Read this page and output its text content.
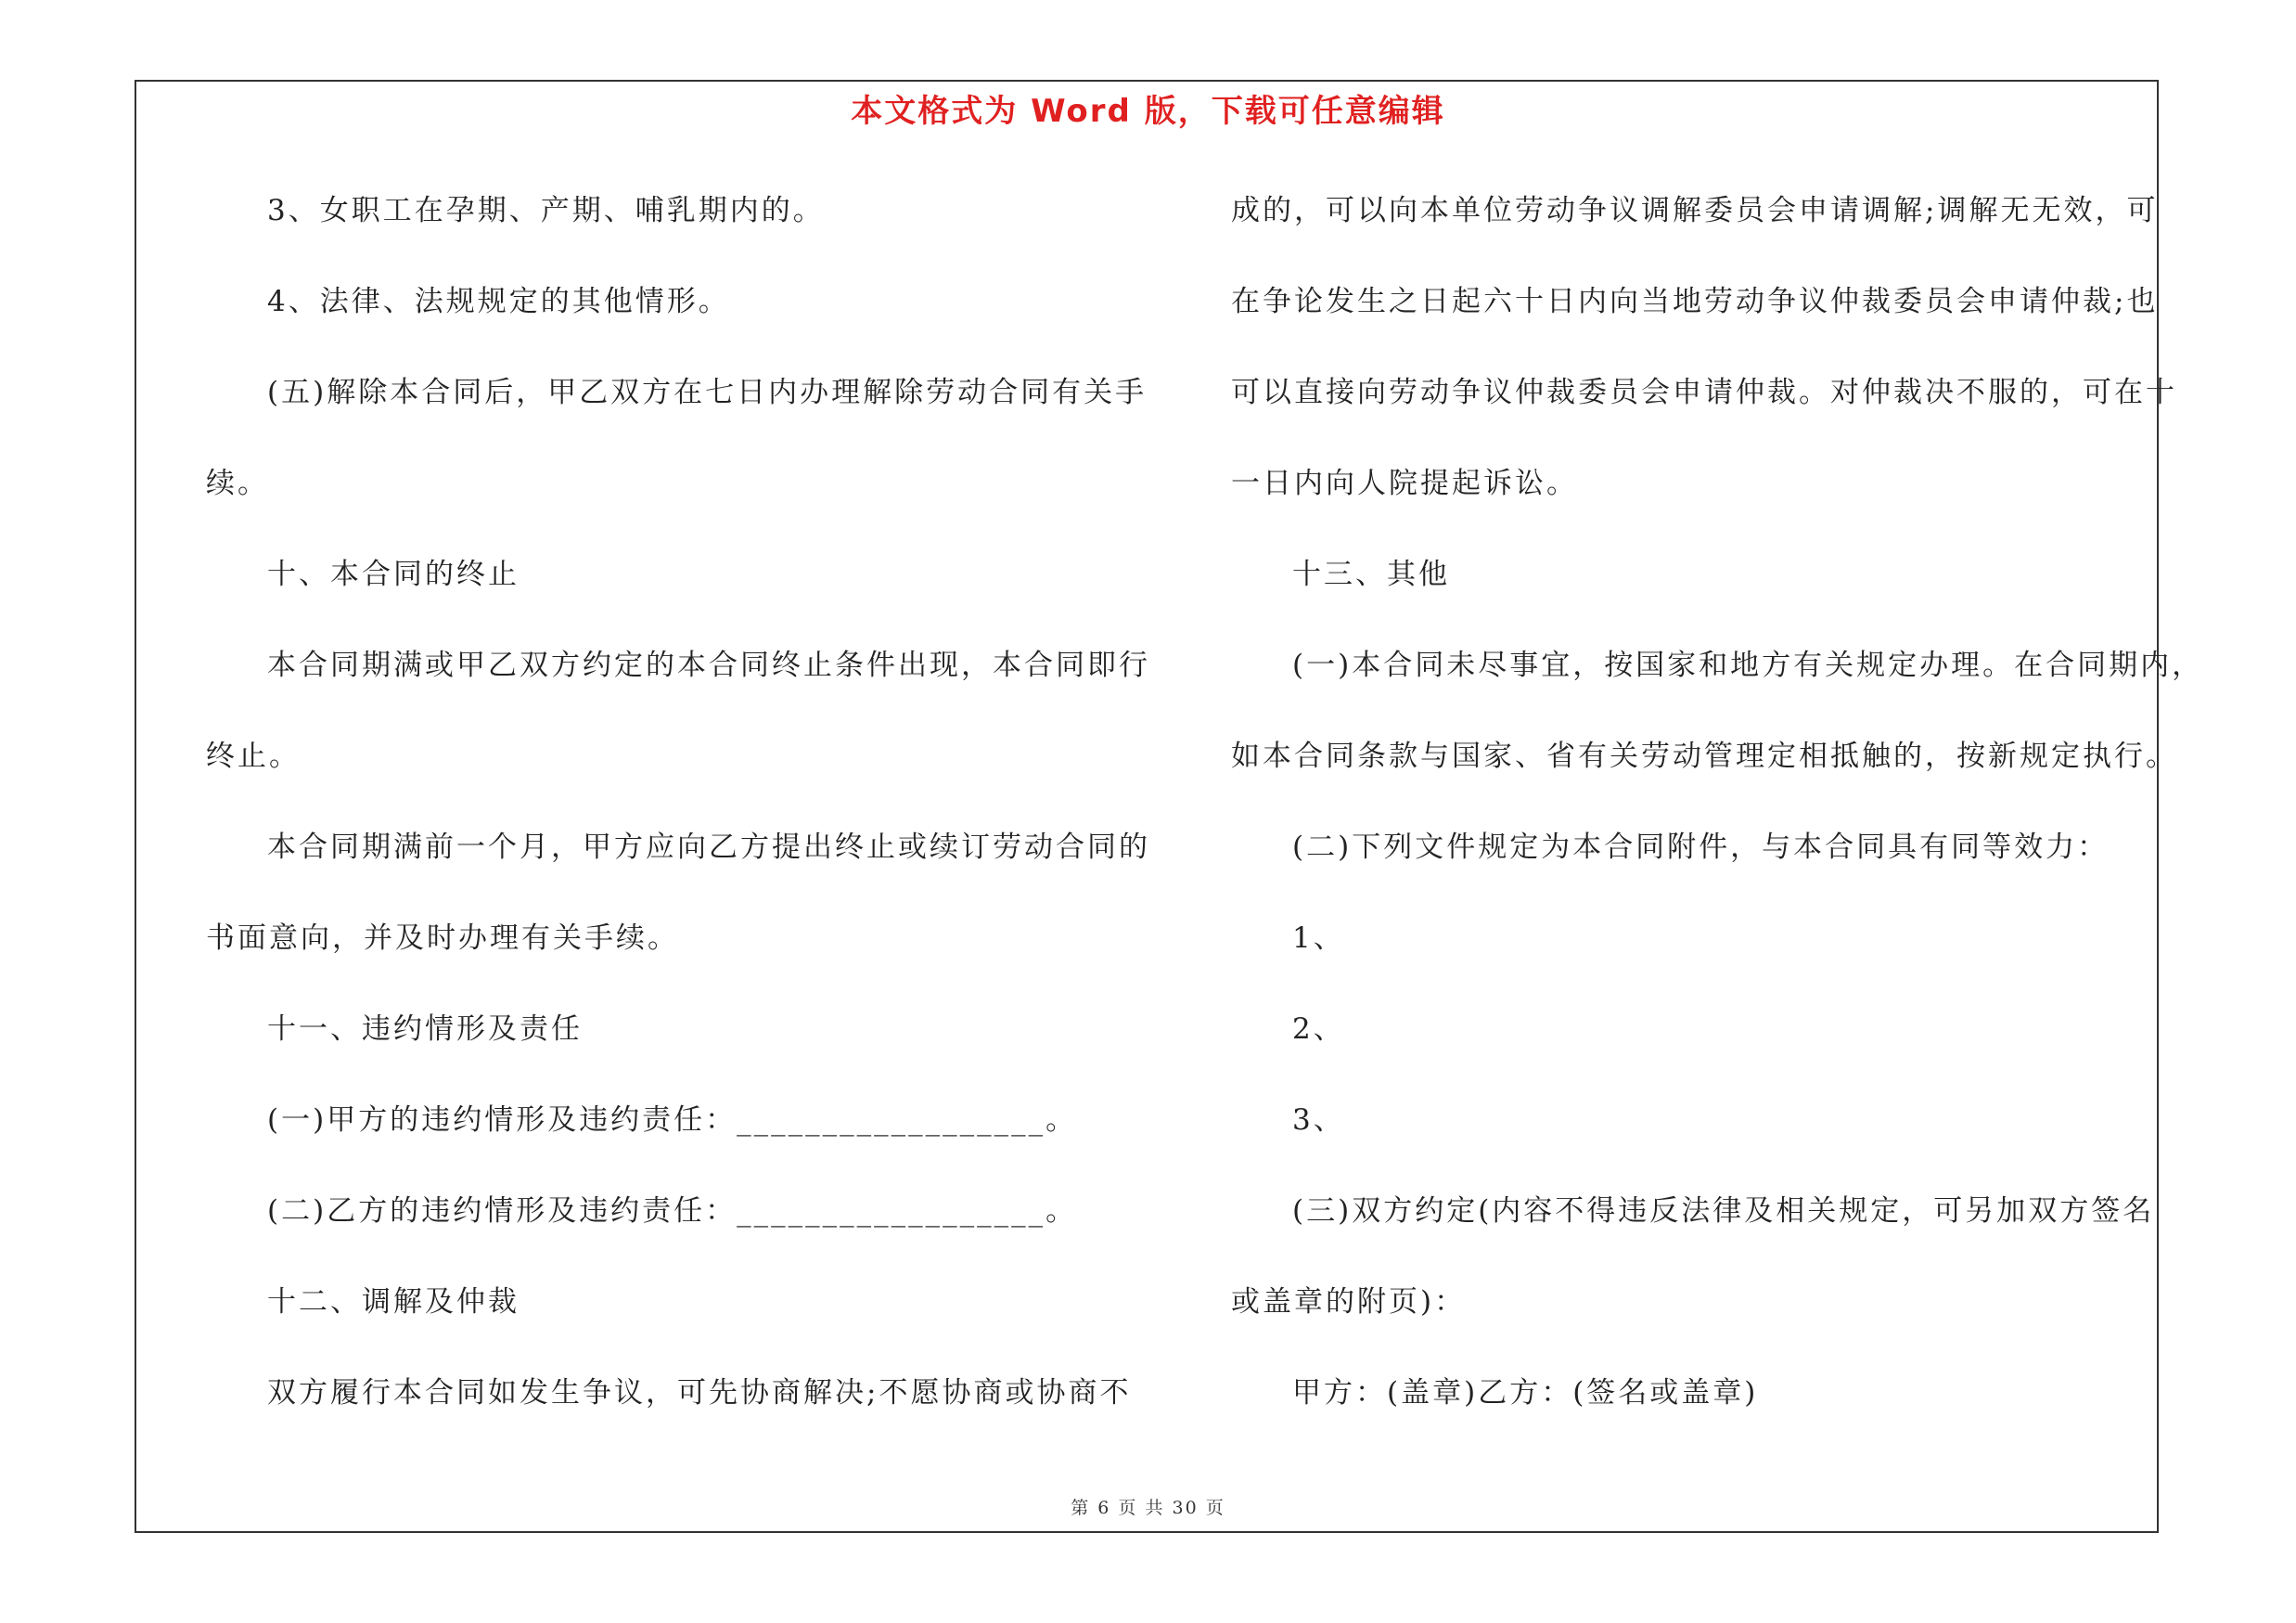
本文格式为 Word 版，下载可任意编辑
3、女职工在孕期、产期、哺乳期内的。
4、法律、法规规定的其他情形。
(五)解除本合同后，甲乙双方在七日内办理解除劳动合同有关手
续。
十、本合同的终止
本合同期满或甲乙双方约定的本合同终止条件出现，本合同即行
终止。
本合同期满前一个月，甲方应向乙方提出终止或续订劳动合同的
书面意向，并及时办理有关手续。
十一、违约情形及责任
(一)甲方的违约情形及违约责任：__________________。
(二)乙方的违约情形及违约责任：__________________。
十二、调解及仲裁
双方履行本合同如发生争议，可先协商解决;不愿协商或协商不
成的，可以向本单位劳动争议调解委员会申请调解;调解无无效，可
在争论发生之日起六十日内向当地劳动争议仲裁委员会申请仲裁;也
可以直接向劳动争议仲裁委员会申请仲裁。对仲裁决不服的，可在十
一日内向人院提起诉讼。
十三、其他
(一)本合同未尽事宜，按国家和地方有关规定办理。在合同期内，
如本合同条款与国家、省有关劳动管理定相抵触的，按新规定执行。
(二)下列文件规定为本合同附件，与本合同具有同等效力：
1、
2、
3、
(三)双方约定(内容不得违反法律及相关规定，可另加双方签名
或盖章的附页)：
甲方：(盖章)乙方：(签名或盖章)
第 6 页 共 30 页
